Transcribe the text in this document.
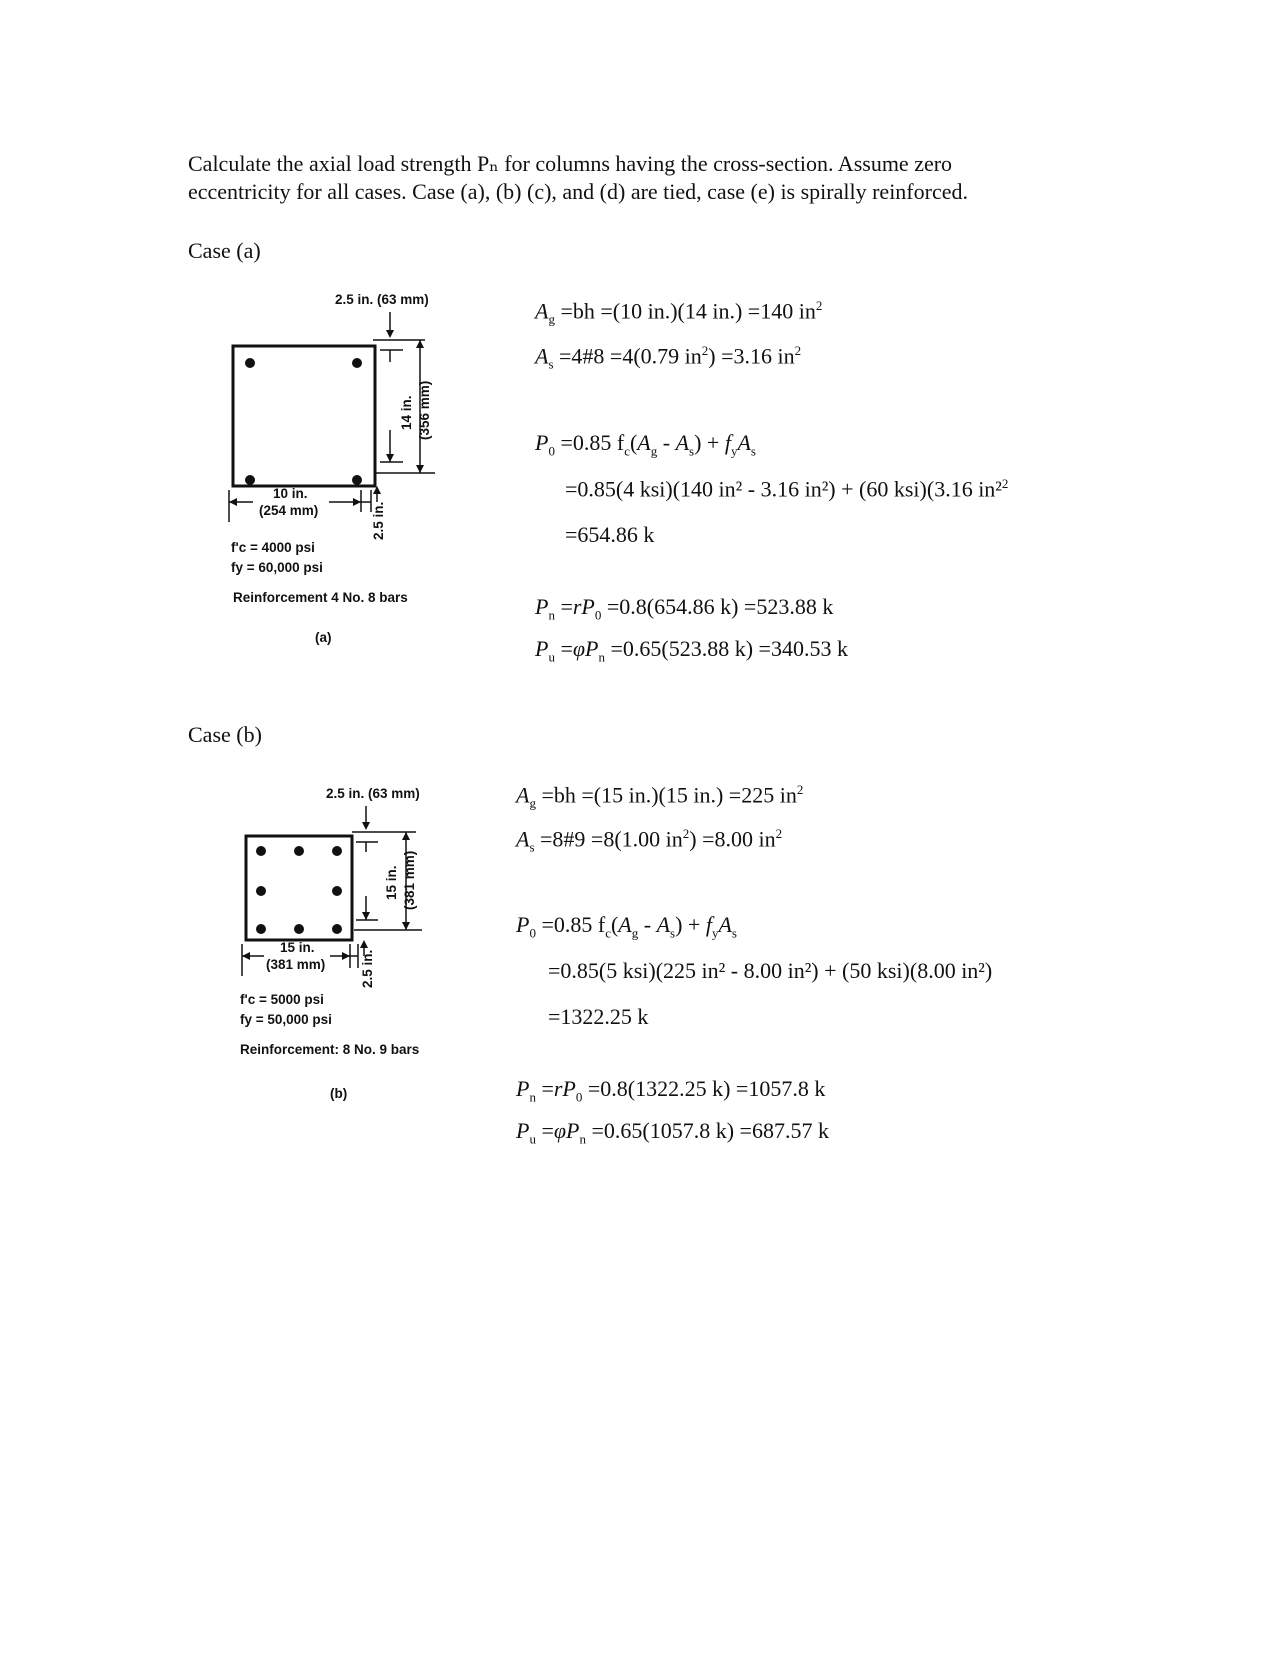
Calculate the axial load strength Pₙ for columns having the cross-section. Assume zero
eccentricity for all cases. Case (a), (b) (c), and (d) are tied, case (e) is spirally reinforced.
Case (a)
2.5 in. (63 mm)
14 in. (356 mm)
10 in.
(254 mm)	2.5 in.
f'c = 4000 psi
fy = 60,000 psi
Reinforcement 4 No. 8 bars
(a)
$A_g =bh =(10$ in.)(14 in.) =140 $in^2$
$A_s$ =4#8 =4(0.79 $in^2) =3.16$ $in^2$
$P_0 =0.85$ $f_c(A_g - A_s) + f_yA_s$
=0.85(4 ksi)(140 in² - 3.16 in²) + (60 ksi)(3.16 in²$^2$
=654.86 k
$P_n =rP_0 =0.8(654.86$ k) =523.88 k
$P_u =\varphi P_n =0.65(523.88$ k) =340.53 k
Case (b)
2.5 in. (63 mm)
15 in. (381 mm)
15 in.
(381 mm)	2.5 in.
f'c = 5000 psi
fy = 50,000 psi
Reinforcement: 8 No. 9 bars
(b)
$A_g =bh =(15$ in.)(15 in.) =225 $in^2$
$A_s$ =8#9 =8(1.00 $in^2) =8.00$ $in^2$
$P_0 =0.85$ $f_c(A_g - A_s) + f_yA_s$
=0.85(5 ksi)(225 in² - 8.00 in²) + (50 ksi)(8.00 in²)
=1322.25 k
$P_n =rP_0 =0.8(1322.25$ k) =1057.8 k
$P_u =\varphi P_n =0.65(1057.8$ k) =687.57 k
